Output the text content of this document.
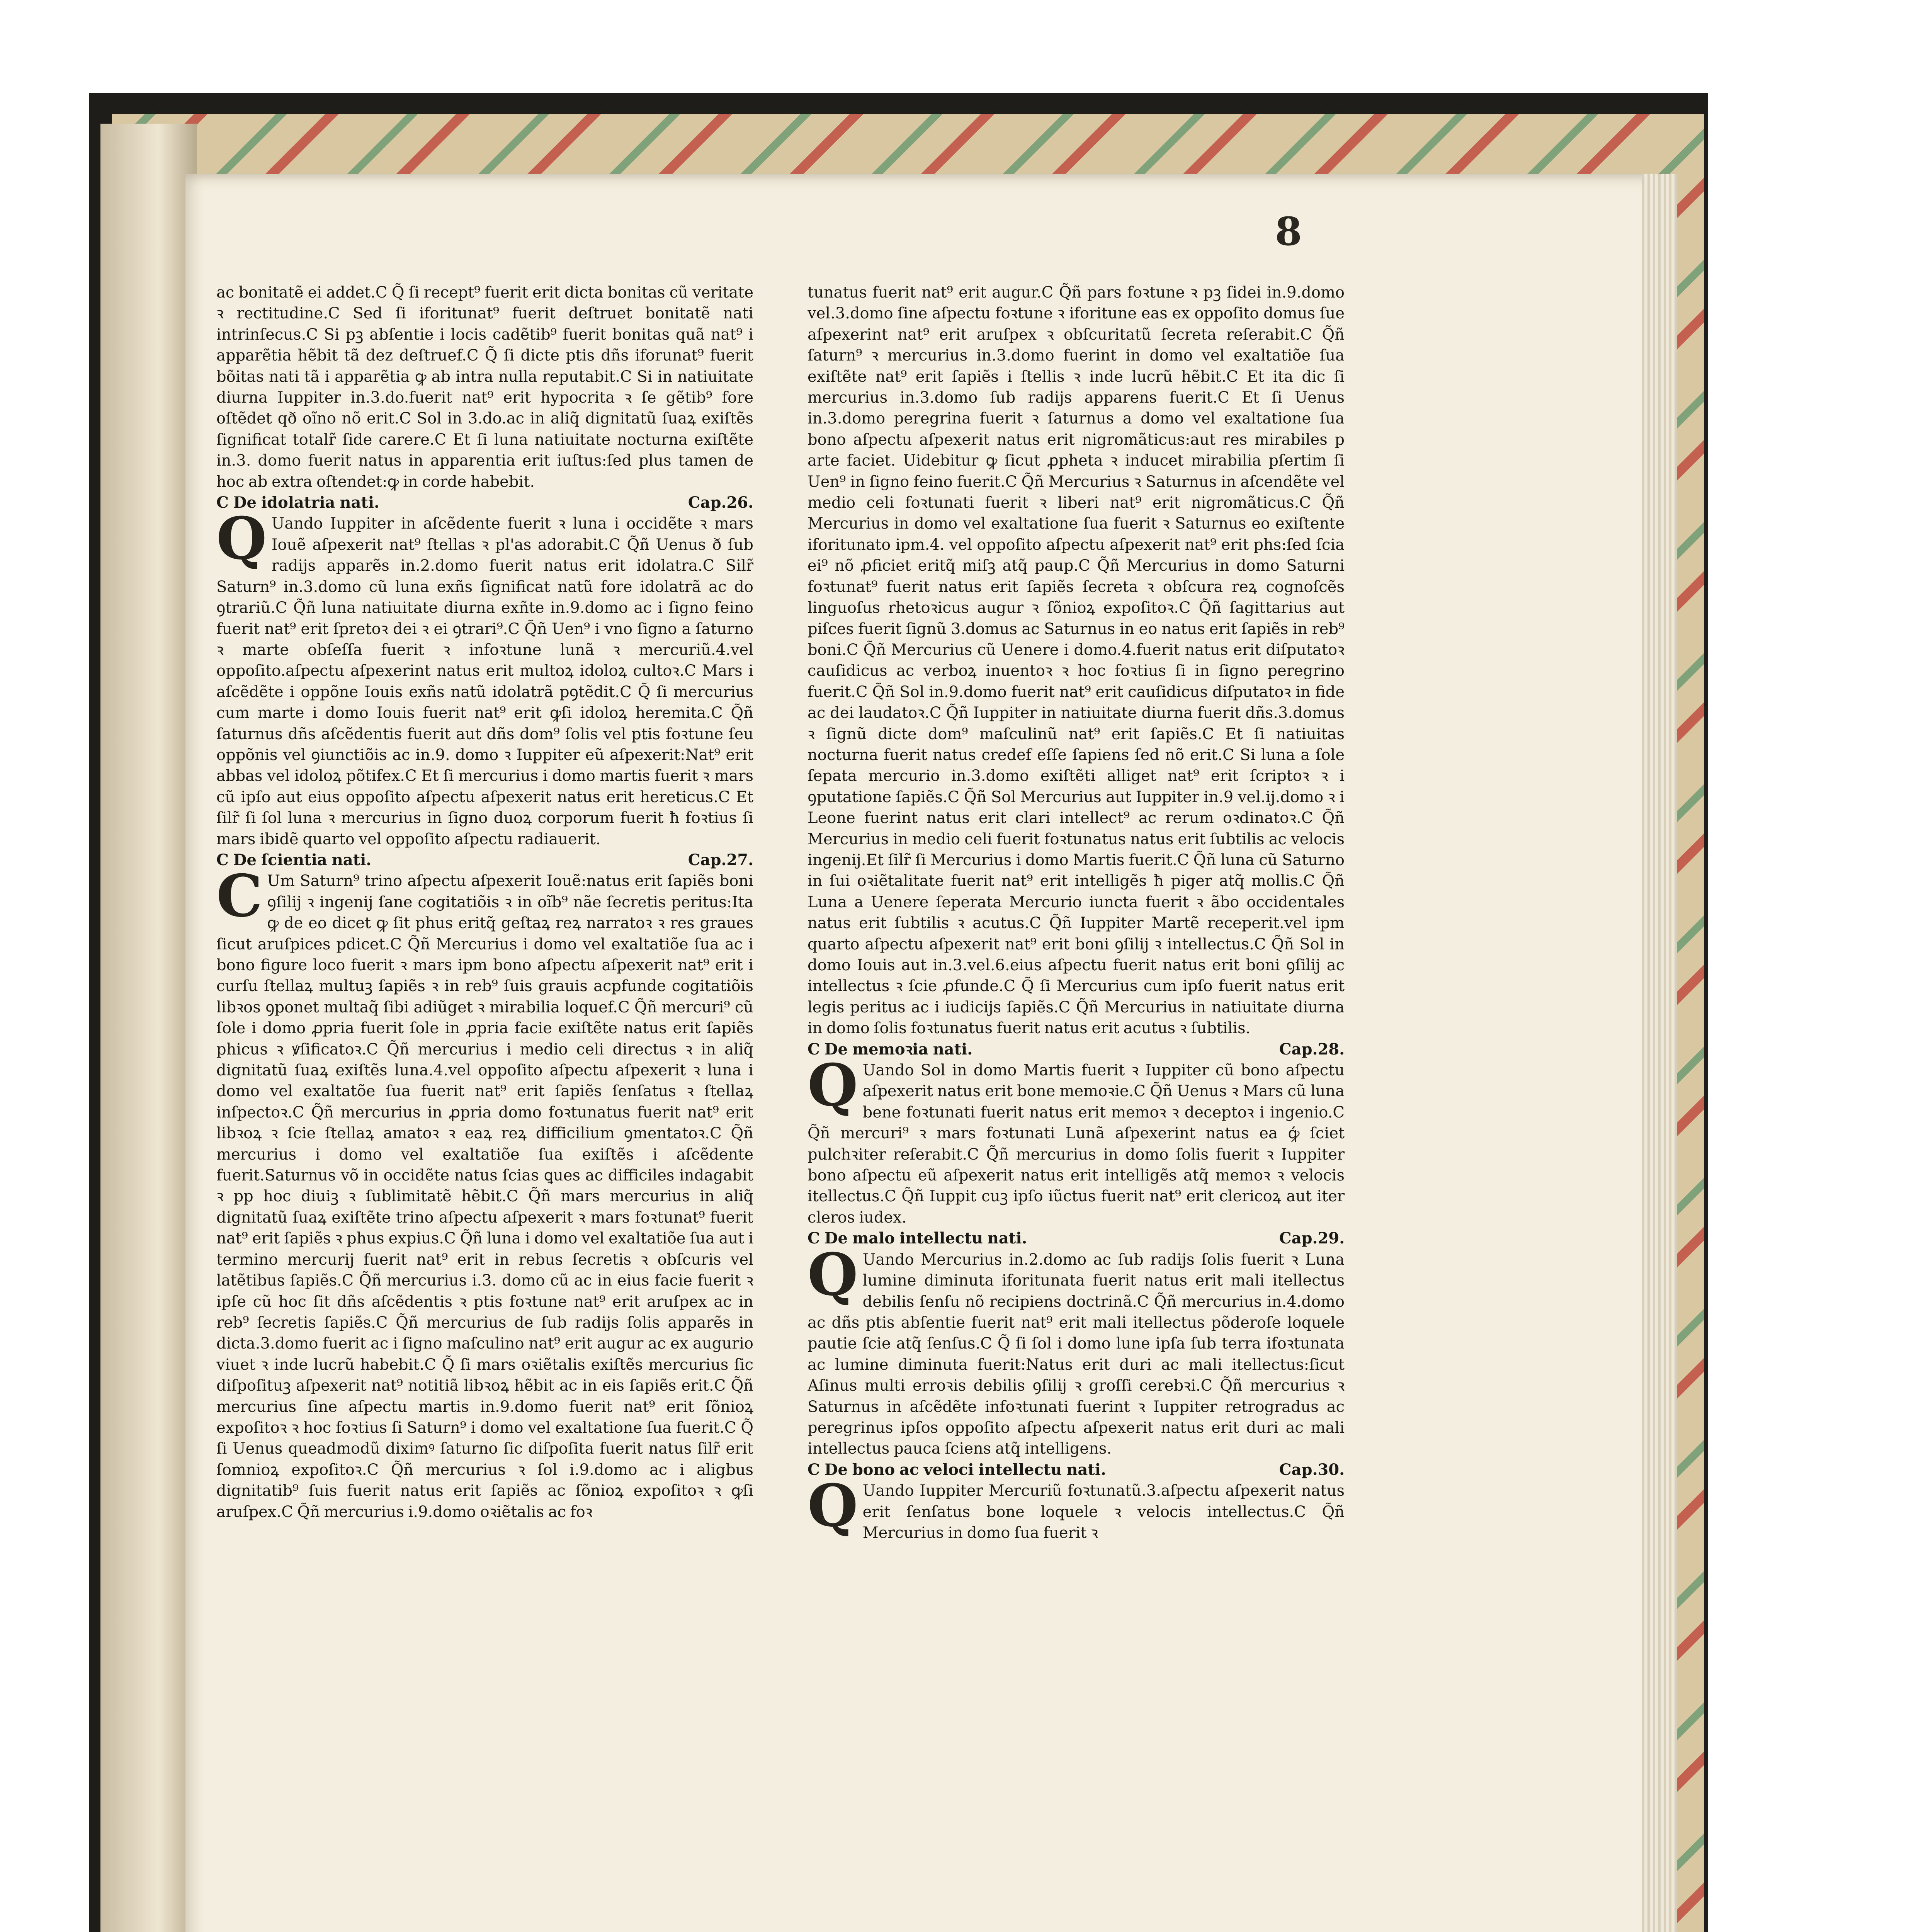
8

ac bonitatẽ ei addet.C Q̃ ſi recept⁹ fuerit erit dicta bonitas cũ veritate ꝛ rectitudine.C Sed ſi iforitunat⁹ fuerit deſtruet bonitatẽ nati intrinſecus.C Si pꝫ abſentie i locis cadẽtib⁹ fuerit bonitas quã nat⁹ i apparẽtia hẽbit tã dez deſtruef.C Q̃ ſi dicte ptis dñs iforunat⁹ fuerit bõitas nati tã i apparẽtia ꝙ ab intra nulla reputabit.C Si in natiuitate diurna Iuppiter in.3.do.fuerit nat⁹ erit hypocrita ꝛ ſe gẽtib⁹ fore oſtẽdet qð oĩno nõ erit.C Sol in 3.do.ac in aliq̃ dignitatũ ſuaꝝ exiſtẽs ſignificat totalr̃ ſide carere.C Et ſi luna natiuitate nocturna exiſtẽte in.3. domo fuerit natus in apparentia erit iuſtus:ſed plus tamen de hoc ab extra oſtendet:ꝙ in corde habebit.

C De idolatria nati.	Cap.26.

Q Uando Iuppiter in aſcẽdente fuerit ꝛ luna i occidẽte ꝛ mars Iouẽ aſpexerit nat⁹ ſtellas ꝛ pl'as adorabit.C Q̃ñ Uenus ð ſub radijs apparẽs in.2.domo fuerit natus erit idolatra.C Silr̃ Saturn⁹ in.3.domo cũ luna exñs ſignificat natũ fore idolatrã ac do ꝯtrariũ.C Q̃ñ luna natiuitate diurna exñte in.9.domo ac i ſigno feino fuerit nat⁹ erit ſpretoꝛ dei ꝛ ei ꝯtrari⁹.C Q̃ñ Uen⁹ i vno ſigno a ſaturno ꝛ marte obſeſſa fuerit ꝛ infoꝛtune lunã ꝛ mercuriũ.4.vel oppoſito.aſpectu aſpexerint natus erit multoꝝ idoloꝝ cultoꝛ.C Mars i aſcẽdẽte i oppõne Iouis exñs natũ idolatrã pꝯtẽdit.C Q̃ ſi mercurius cum marte i domo Iouis fuerit nat⁹ erit ꝙſi idoloꝝ heremita.C Q̃ñ ſaturnus dñs aſcẽdentis fuerit aut dñs dom⁹ ſolis vel ptis foꝛtune ſeu oppõnis vel ꝯiunctiõis ac in.9. domo ꝛ Iuppiter eũ aſpexerit:Nat⁹ erit abbas vel idoloꝝ põtifex.C Et ſi mercurius i domo martis fuerit ꝛ mars cũ ipſo aut eius oppoſito aſpectu aſpexerit natus erit hereticus.C Et ſilr̃ ſi ſol luna ꝛ mercurius in ſigno duoꝝ corporum fuerit ħ foꝛtius ſi mars ibidẽ quarto vel oppoſito aſpectu radiauerit.

C De ſcientia nati.	Cap.27.

C Um Saturn⁹ trino aſpectu aſpexerit Iouẽ:natus erit ſapiẽs boni ꝯſilij ꝛ ingenij ſane cogitatiõis ꝛ in oĩb⁹ nãe ſecretis peritus:Ita ꝙ de eo dicet ꝙ ſit phus eritq̃ geſtaꝝ reꝝ narratoꝛ ꝛ res graues ſicut aruſpices pdicet.C Q̃ñ Mercurius i domo vel exaltatiõe ſua ac i bono figure loco fuerit ꝛ mars ipm bono aſpectu aſpexerit nat⁹ erit i curſu ſtellaꝝ multuꝫ ſapiẽs ꝛ in reb⁹ ſuis grauis acpfunde cogitatiõis libꝛos ꝯponet multaq̃ ſibi adiũget ꝛ mirabilia loquef.C Q̃ñ mercuri⁹ cũ ſole i domo ꝓpria fuerit ſole in ꝓpria facie exiſtẽte natus erit ſapiẽs phicus ꝛ ꝟſificatoꝛ.C Q̃ñ mercurius i medio celi directus ꝛ in aliq̃ dignitatũ ſuaꝝ exiſtẽs luna.4.vel oppoſito aſpectu aſpexerit ꝛ luna i domo vel exaltatõe ſua fuerit nat⁹ erit ſapiẽs ſenſatus ꝛ ſtellaꝝ inſpectoꝛ.C Q̃ñ mercurius in ꝓpria domo foꝛtunatus fuerit nat⁹ erit libꝛoꝝ ꝛ ſcie ſtellaꝝ amatoꝛ ꝛ eaꝝ reꝝ difficilium ꝯmentatoꝛ.C Q̃ñ mercurius i domo vel exaltatiõe ſua exiſtẽs i aſcẽdente fuerit.Saturnus võ in occidẽte natus ſcias ꝗues ac difficiles indagabit ꝛ pp hoc diuiꝫ ꝛ ſublimitatẽ hẽbit.C Q̃ñ mars mercurius in aliq̃ dignitatũ ſuaꝝ exiſtẽte trino aſpectu aſpexerit ꝛ mars foꝛtunat⁹ fuerit nat⁹ erit ſapiẽs ꝛ phus expius.C Q̃ñ luna i domo vel exaltatiõe ſua aut i termino mercurij fuerit nat⁹ erit in rebus ſecretis ꝛ obſcuris vel latẽtibus ſapiẽs.C Q̃ñ mercurius i.3. domo cũ ac in eius facie fuerit ꝛ ipſe cũ hoc ſit dñs aſcẽdentis ꝛ ptis foꝛtune nat⁹ erit aruſpex ac in reb⁹ ſecretis ſapiẽs.C Q̃ñ mercurius de ſub radijs ſolis apparẽs in dicta.3.domo fuerit ac i ſigno maſculino nat⁹ erit augur ac ex augurio viuet ꝛ inde lucrũ habebit.C Q̃ ſi mars oꝛiẽtalis exiſtẽs mercurius ſic diſpoſituꝫ aſpexerit nat⁹ notitiã libꝛoꝝ hẽbit ac in eis ſapiẽs erit.C Q̃ñ mercurius ſine aſpectu martis in.9.domo fuerit nat⁹ erit ſõnioꝝ expoſitoꝛ ꝛ hoc foꝛtius ſi Saturn⁹ i domo vel exaltatione ſua fuerit.C Q̃ ſi Uenus queadmodũ diximꝰ ſaturno ſic diſpoſita fuerit natus ſilr̃ erit ſomnioꝝ expoſitoꝛ.C Q̃ñ mercurius ꝛ ſol i.9.domo ac i aligbus dignitatib⁹ ſuis fuerit natus erit ſapiẽs ac ſõnioꝝ expoſitoꝛ ꝛ ꝙſi aruſpex.C Q̃ñ mercurius i.9.domo oꝛiẽtalis ac foꝛ

tunatus fuerit nat⁹ erit augur.C Q̃ñ pars foꝛtune ꝛ pꝫ ſidei in.9.domo vel.3.domo ſine aſpectu foꝛtune ꝛ iforitune eas ex oppoſito domus ſue aſpexerint nat⁹ erit aruſpex ꝛ obſcuritatũ ſecreta reſerabit.C Q̃ñ ſaturn⁹ ꝛ mercurius in.3.domo fuerint in domo vel exaltatiõe ſua exiſtẽte nat⁹ erit ſapiẽs i ſtellis ꝛ inde lucrũ hẽbit.C Et ita dic ſi mercurius in.3.domo ſub radijs apparens fuerit.C Et ſi Uenus in.3.domo peregrina fuerit ꝛ ſaturnus a domo vel exaltatione ſua bono aſpectu aſpexerit natus erit nigromãticus:aut res mirabiles p arte faciet. Uidebitur ꝙ ſicut ꝓpheta ꝛ inducet mirabilia pſertim ſi Uen⁹ in ſigno feino fuerit.C Q̃ñ Mercurius ꝛ Saturnus in aſcendẽte vel medio celi foꝛtunati fuerit ꝛ liberi nat⁹ erit nigromãticus.C Q̃ñ Mercurius in domo vel exaltatione ſua fuerit ꝛ Saturnus eo exiſtente iforitunato ipm.4. vel oppoſito aſpectu aſpexerit nat⁹ erit phs:ſed ſcia ei⁹ nõ ꝓficiet eritq̃ miſꝫ atq̃ paup.C Q̃ñ Mercurius in domo Saturni foꝛtunat⁹ fuerit natus erit ſapiẽs ſecreta ꝛ obſcura reꝝ cognoſcẽs linguoſus rhetoꝛicus augur ꝛ ſõnioꝝ expoſitoꝛ.C Q̃ñ ſagittarius aut piſces fuerit ſignũ 3.domus ac Saturnus in eo natus erit ſapiẽs in reb⁹ boni.C Q̃ñ Mercurius cũ Uenere i domo.4.fuerit natus erit diſputatoꝛ cauſidicus ac verboꝝ inuentoꝛ ꝛ hoc foꝛtius ſi in ſigno peregrino fuerit.C Q̃ñ Sol in.9.domo fuerit nat⁹ erit cauſidicus diſputatoꝛ in fide ac dei laudatoꝛ.C Q̃ñ Iuppiter in natiuitate diurna fuerit dñs.3.domus ꝛ ſignũ dicte dom⁹ maſculinũ nat⁹ erit ſapiẽs.C Et ſi natiuitas nocturna fuerit natus credef eſſe ſapiens ſed nõ erit.C Si luna a ſole ſepata mercurio in.3.domo exiſtẽti alliget nat⁹ erit ſcriptoꝛ ꝛ i ꝯputatione ſapiẽs.C Q̃ñ Sol Mercurius aut Iuppiter in.9 vel.ij.domo ꝛ i Leone fuerint natus erit clari intellect⁹ ac rerum oꝛdinatoꝛ.C Q̃ñ Mercurius in medio celi fuerit foꝛtunatus natus erit ſubtilis ac velocis ingenij.Et ſilr̃ ſi Mercurius i domo Martis fuerit.C Q̃ñ luna cũ Saturno in ſui oꝛiẽtalitate fuerit nat⁹ erit intelligẽs ħ piger atq̃ mollis.C Q̃ñ Luna a Uenere ſeperata Mercurio iuncta fuerit ꝛ ãbo occidentales natus erit ſubtilis ꝛ acutus.C Q̃ñ Iuppiter Martẽ receperit.vel ipm quarto aſpectu aſpexerit nat⁹ erit boni ꝯſilij ꝛ intellectus.C Q̃ñ Sol in domo Iouis aut in.3.vel.6.eius aſpectu fuerit natus erit boni ꝯſilij ac intellectus ꝛ ſcie ꝓfunde.C Q̃ ſi Mercurius cum ipſo fuerit natus erit legis peritus ac i iudicijs ſapiẽs.C Q̃ñ Mercurius in natiuitate diurna in domo ſolis foꝛtunatus fuerit natus erit acutus ꝛ ſubtilis.

C De memoꝛia nati.	Cap.28.

Q Uando Sol in domo Martis fuerit ꝛ Iuppiter cũ bono aſpectu aſpexerit natus erit bone memoꝛie.C Q̃ñ Uenus ꝛ Mars cũ luna bene foꝛtunati fuerit natus erit memoꝛ ꝛ deceptoꝛ i ingenio.C Q̃ñ mercuri⁹ ꝛ mars foꝛtunati Lunã aſpexerint natus ea ꝙ́ ſciet pulchꝛiter reſerabit.C Q̃ñ mercurius in domo ſolis fuerit ꝛ Iuppiter bono aſpectu eũ aſpexerit natus erit intelligẽs atq̃ memoꝛ ꝛ velocis itellectus.C Q̃ñ Iuppit cuꝫ ipſo iũctus fuerit nat⁹ erit clericoꝝ aut iter cleros iudex.

C De malo intellectu nati.	Cap.29.

Q Uando Mercurius in.2.domo ac ſub radijs ſolis fuerit ꝛ Luna lumine diminuta iforitunata fuerit natus erit mali itellectus debilis ſenſu nõ recipiens doctrinã.C Q̃ñ mercurius in.4.domo ac dñs ptis abſentie fuerit nat⁹ erit mali itellectus põderoſe loquele pautie ſcie atq̃ ſenſus.C Q̃ ſi ſol i domo lune ipſa ſub terra ifoꝛtunata ac lumine diminuta fuerit:Natus erit duri ac mali itellectus:ſicut Aſinus multi erroꝛis debilis ꝯſilij ꝛ groſſi cerebꝛi.C Q̃ñ mercurius ꝛ Saturnus in aſcẽdẽte infoꝛtunati fuerint ꝛ Iuppiter retrogradus ac peregrinus ipſos oppoſito aſpectu aſpexerit natus erit duri ac mali intellectus pauca ſciens atq̃ intelligens.

C De bono ac veloci intellectu nati.	Cap.30.

Q Uando Iuppiter Mercuriũ foꝛtunatũ.3.aſpectu aſpexerit natus erit ſenſatus bone loquele ꝛ velocis intellectus.C Q̃ñ Mercurius in domo ſua fuerit ꝛ
